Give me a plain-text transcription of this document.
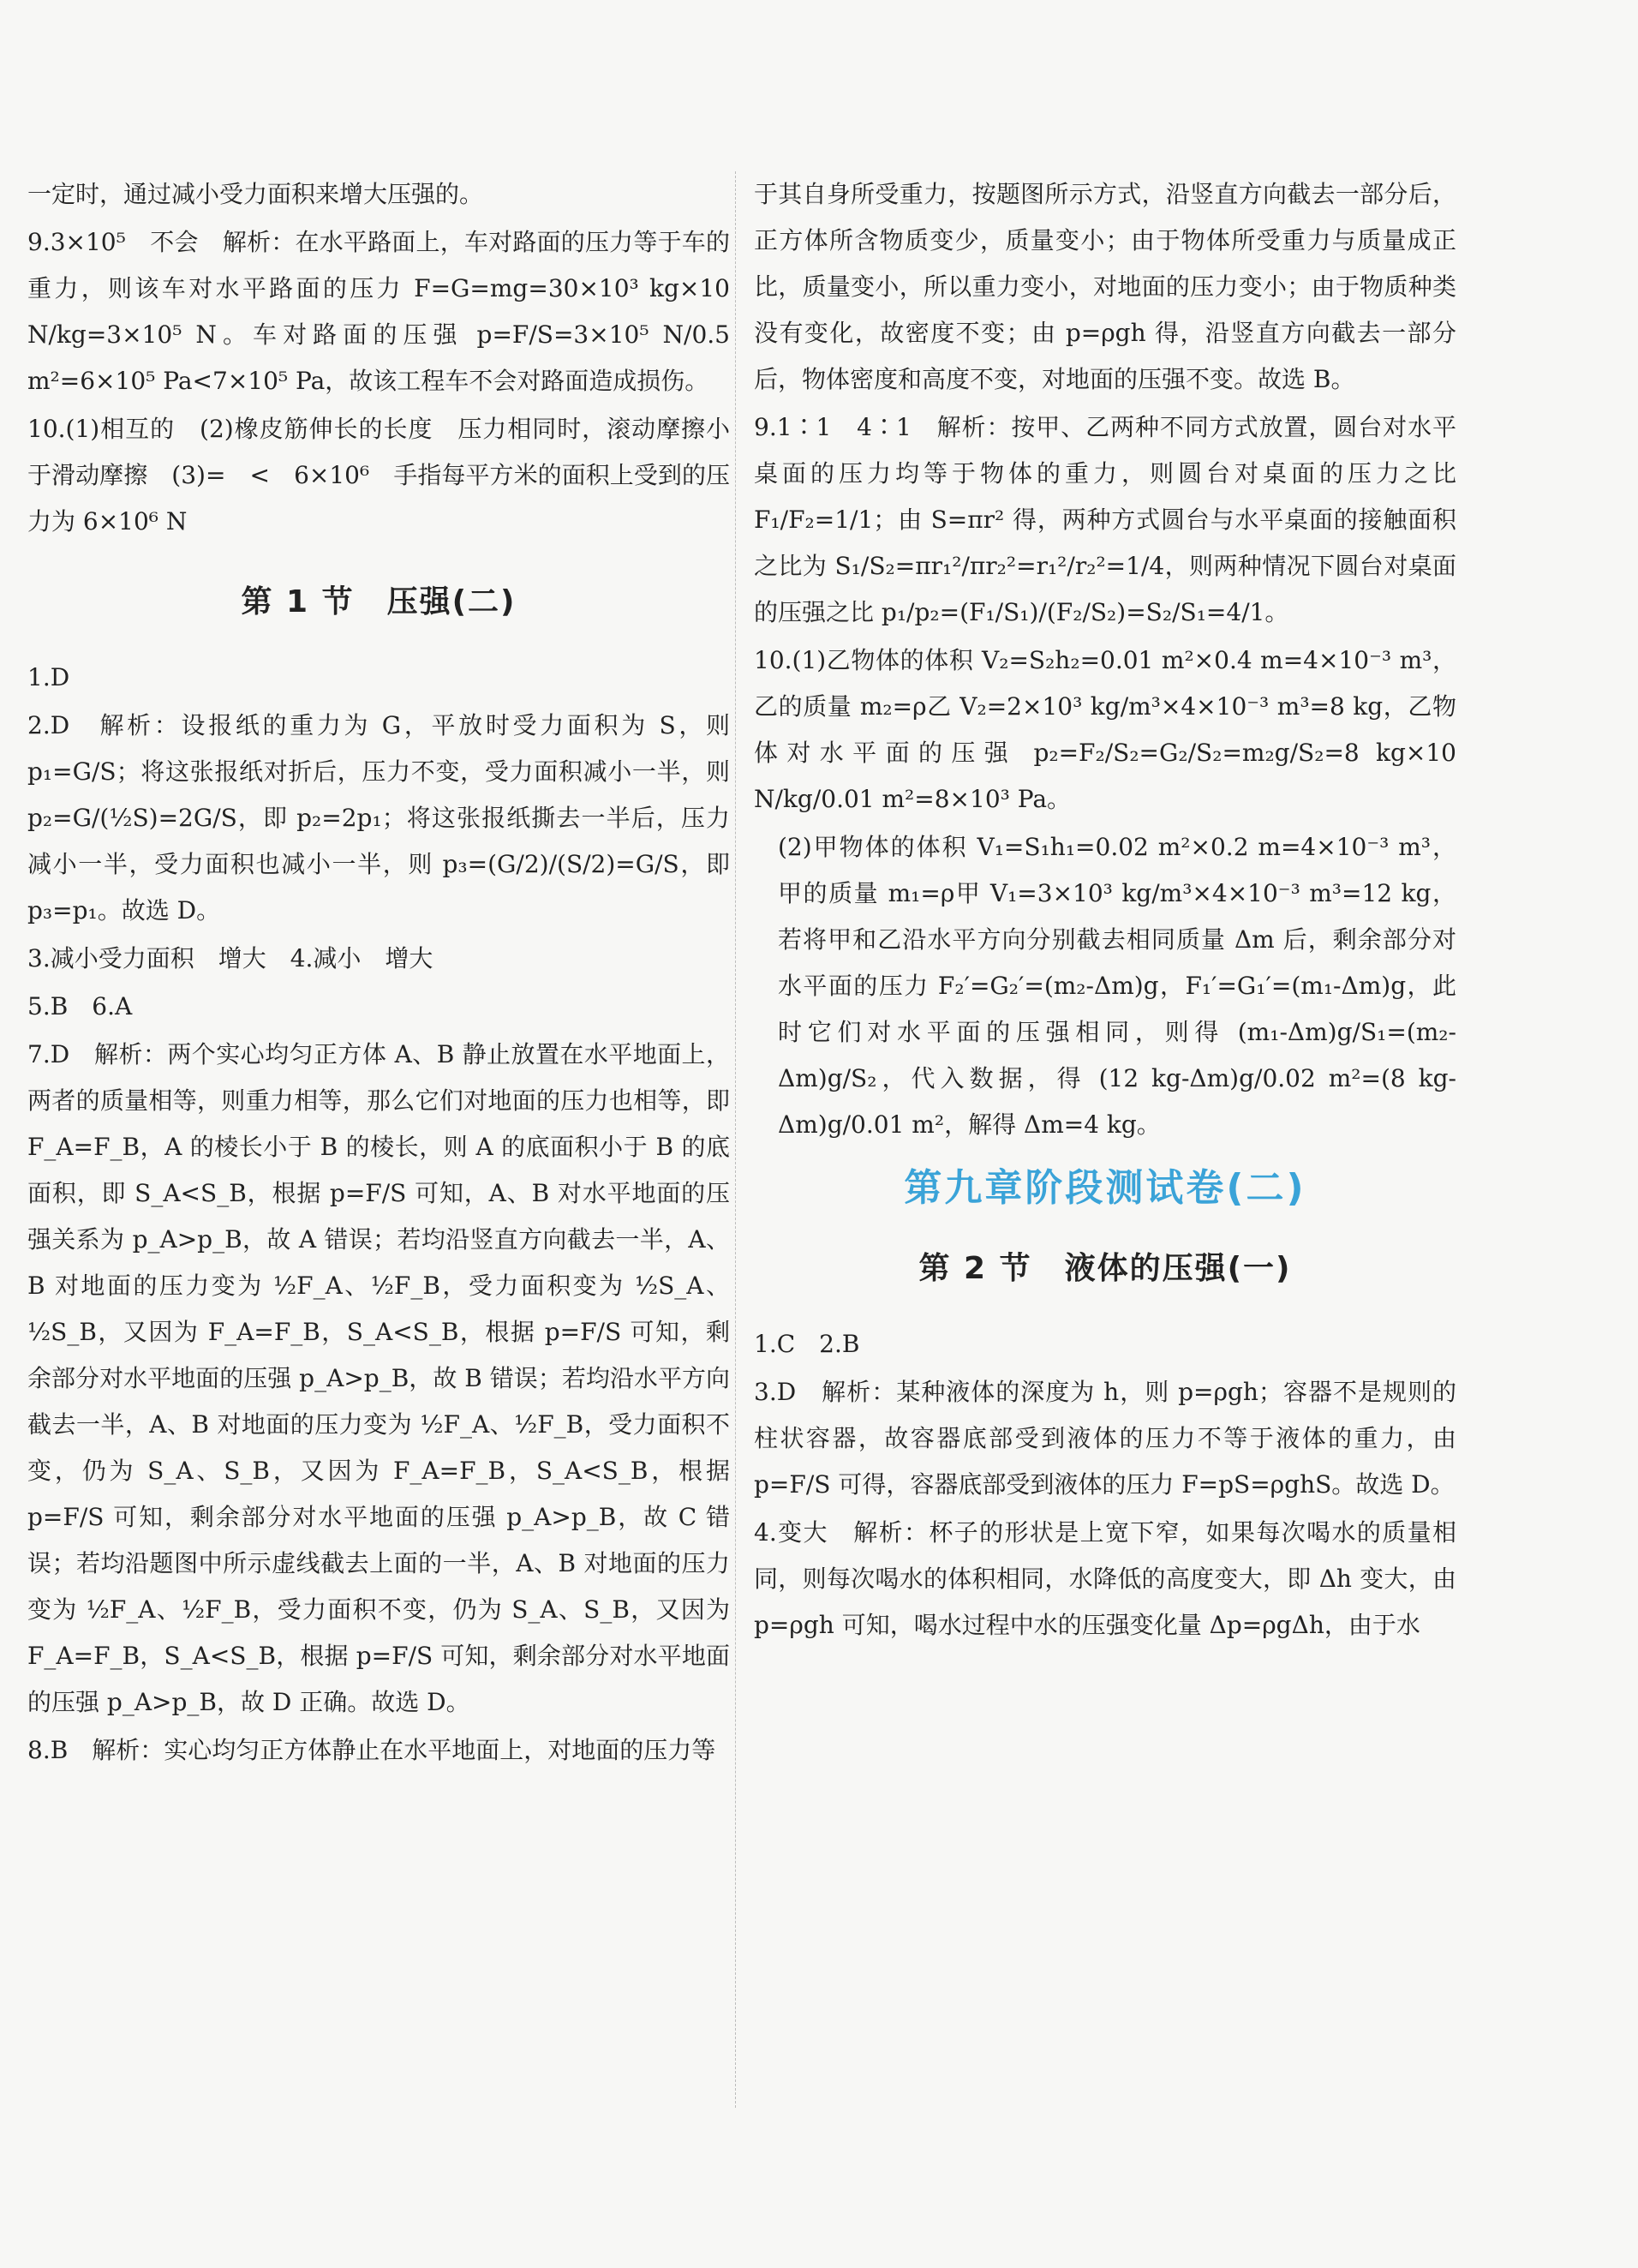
一定时，通过减小受力面积来增大压强的。

9.3×10⁵　不会　解析：在水平路面上，车对路面的压力等于车的重力，则该车对水平路面的压力 F=G=mg=30×10³ kg×10 N/kg=3×10⁵ N。车对路面的压强 p=F/S=3×10⁵ N/0.5 m²=6×10⁵ Pa<7×10⁵ Pa，故该工程车不会对路面造成损伤。

10.(1)相互的　(2)橡皮筋伸长的长度　压力相同时，滚动摩擦小于滑动摩擦　(3)=　<　6×10⁶　手指每平方米的面积上受到的压力为 6×10⁶ N

第 1 节　压强(二)

1.D

2.D　解析：设报纸的重力为 G，平放时受力面积为 S，则 p₁=G/S；将这张报纸对折后，压力不变，受力面积减小一半，则 p₂=G/(½S)=2G/S，即 p₂=2p₁；将这张报纸撕去一半后，压力减小一半，受力面积也减小一半，则 p₃=(G/2)/(S/2)=G/S，即 p₃=p₁。故选 D。

3.减小受力面积　增大　4.减小　增大

5.B　6.A

7.D　解析：两个实心均匀正方体 A、B 静止放置在水平地面上，两者的质量相等，则重力相等，那么它们对地面的压力也相等，即 F_A=F_B，A 的棱长小于 B 的棱长，则 A 的底面积小于 B 的底面积，即 S_A<S_B，根据 p=F/S 可知，A、B 对水平地面的压强关系为 p_A>p_B，故 A 错误；若均沿竖直方向截去一半，A、B 对地面的压力变为 ½F_A、½F_B，受力面积变为 ½S_A、½S_B，又因为 F_A=F_B，S_A<S_B，根据 p=F/S 可知，剩余部分对水平地面的压强 p_A>p_B，故 B 错误；若均沿水平方向截去一半，A、B 对地面的压力变为 ½F_A、½F_B，受力面积不变，仍为 S_A、S_B，又因为 F_A=F_B，S_A<S_B，根据 p=F/S 可知，剩余部分对水平地面的压强 p_A>p_B，故 C 错误；若均沿题图中所示虚线截去上面的一半，A、B 对地面的压力变为 ½F_A、½F_B，受力面积不变，仍为 S_A、S_B，又因为 F_A=F_B，S_A<S_B，根据 p=F/S 可知，剩余部分对水平地面的压强 p_A>p_B，故 D 正确。故选 D。

8.B　解析：实心均匀正方体静止在水平地面上，对地面的压力等

于其自身所受重力，按题图所示方式，沿竖直方向截去一部分后，正方体所含物质变少，质量变小；由于物体所受重力与质量成正比，质量变小，所以重力变小，对地面的压力变小；由于物质种类没有变化，故密度不变；由 p=ρgh 得，沿竖直方向截去一部分后，物体密度和高度不变，对地面的压强不变。故选 B。

9.1∶1　4∶1　解析：按甲、乙两种不同方式放置，圆台对水平桌面的压力均等于物体的重力，则圆台对桌面的压力之比 F₁/F₂=1/1；由 S=πr² 得，两种方式圆台与水平桌面的接触面积之比为 S₁/S₂=πr₁²/πr₂²=r₁²/r₂²=1/4，则两种情况下圆台对桌面的压强之比 p₁/p₂=(F₁/S₁)/(F₂/S₂)=S₂/S₁=4/1。

10.(1)乙物体的体积 V₂=S₂h₂=0.01 m²×0.4 m=4×10⁻³ m³，乙的质量 m₂=ρ乙 V₂=2×10³ kg/m³×4×10⁻³ m³=8 kg，乙物体对水平面的压强 p₂=F₂/S₂=G₂/S₂=m₂g/S₂=8 kg×10 N/kg/0.01 m²=8×10³ Pa。

(2)甲物体的体积 V₁=S₁h₁=0.02 m²×0.2 m=4×10⁻³ m³，甲的质量 m₁=ρ甲 V₁=3×10³ kg/m³×4×10⁻³ m³=12 kg，若将甲和乙沿水平方向分别截去相同质量 Δm 后，剩余部分对水平面的压力 F₂′=G₂′=(m₂-Δm)g，F₁′=G₁′=(m₁-Δm)g，此时它们对水平面的压强相同，则得 (m₁-Δm)g/S₁=(m₂-Δm)g/S₂，代入数据，得 (12 kg-Δm)g/0.02 m²=(8 kg-Δm)g/0.01 m²，解得 Δm=4 kg。

第九章阶段测试卷(二)
第 2 节　液体的压强(一)

1.C　2.B

3.D　解析：某种液体的深度为 h，则 p=ρgh；容器不是规则的柱状容器，故容器底部受到液体的压力不等于液体的重力，由 p=F/S 可得，容器底部受到液体的压力 F=pS=ρghS。故选 D。

4.变大　解析：杯子的形状是上宽下窄，如果每次喝水的质量相同，则每次喝水的体积相同，水降低的高度变大，即 Δh 变大，由 p=ρgh 可知，喝水过程中水的压强变化量 Δp=ρgΔh，由于水
